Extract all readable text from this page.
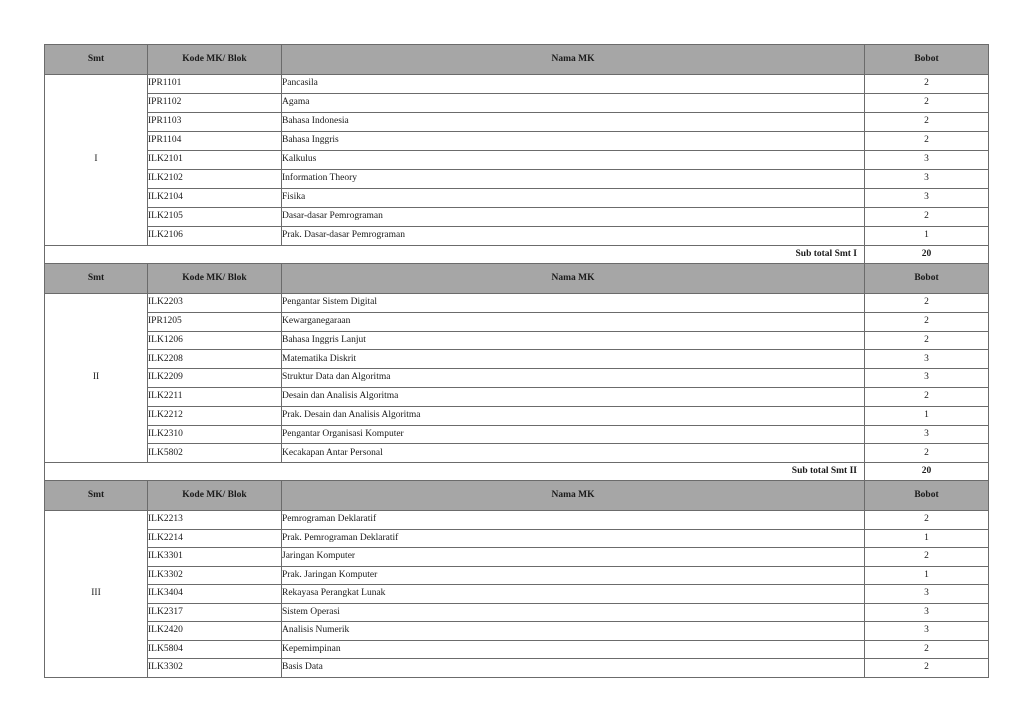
Smt	Kode MK/ Blok	Nama MK	Bobot
I	IPR1101	Pancasila	2
	IPR1102	Agama	2
	IPR1103	Bahasa Indonesia	2
	IPR1104	Bahasa Inggris	2
	ILK2101	Kalkulus	3
	ILK2102	Information Theory	3
	ILK2104	Fisika	3
	ILK2105	Dasar-dasar Pemrograman	2
	ILK2106	Prak. Dasar-dasar Pemrograman	1
Sub total Smt I			20
Smt	Kode MK/ Blok	Nama MK	Bobot
II	ILK2203	Pengantar Sistem Digital	2
	IPR1205	Kewarganegaraan	2
	ILK1206	Bahasa Inggris Lanjut	2
	ILK2208	Matematika Diskrit	3
	ILK2209	Struktur Data dan Algoritma	3
	ILK2211	Desain dan Analisis Algoritma	2
	ILK2212	Prak. Desain dan Analisis Algoritma	1
	ILK2310	Pengantar Organisasi Komputer	3
	ILK5802	Kecakapan Antar Personal	2
Sub total Smt II			20
Smt	Kode MK/ Blok	Nama MK	Bobot
III	ILK2213	Pemrograman Deklaratif	2
	ILK2214	Prak. Pemrograman Deklaratif	1
	ILK3301	Jaringan Komputer	2
	ILK3302	Prak. Jaringan Komputer	1
	ILK3404	Rekayasa Perangkat Lunak	3
	ILK2317	Sistem Operasi	3
	ILK2420	Analisis Numerik	3
	ILK5804	Kepemimpinan	2
	ILK3302	Basis Data	2
